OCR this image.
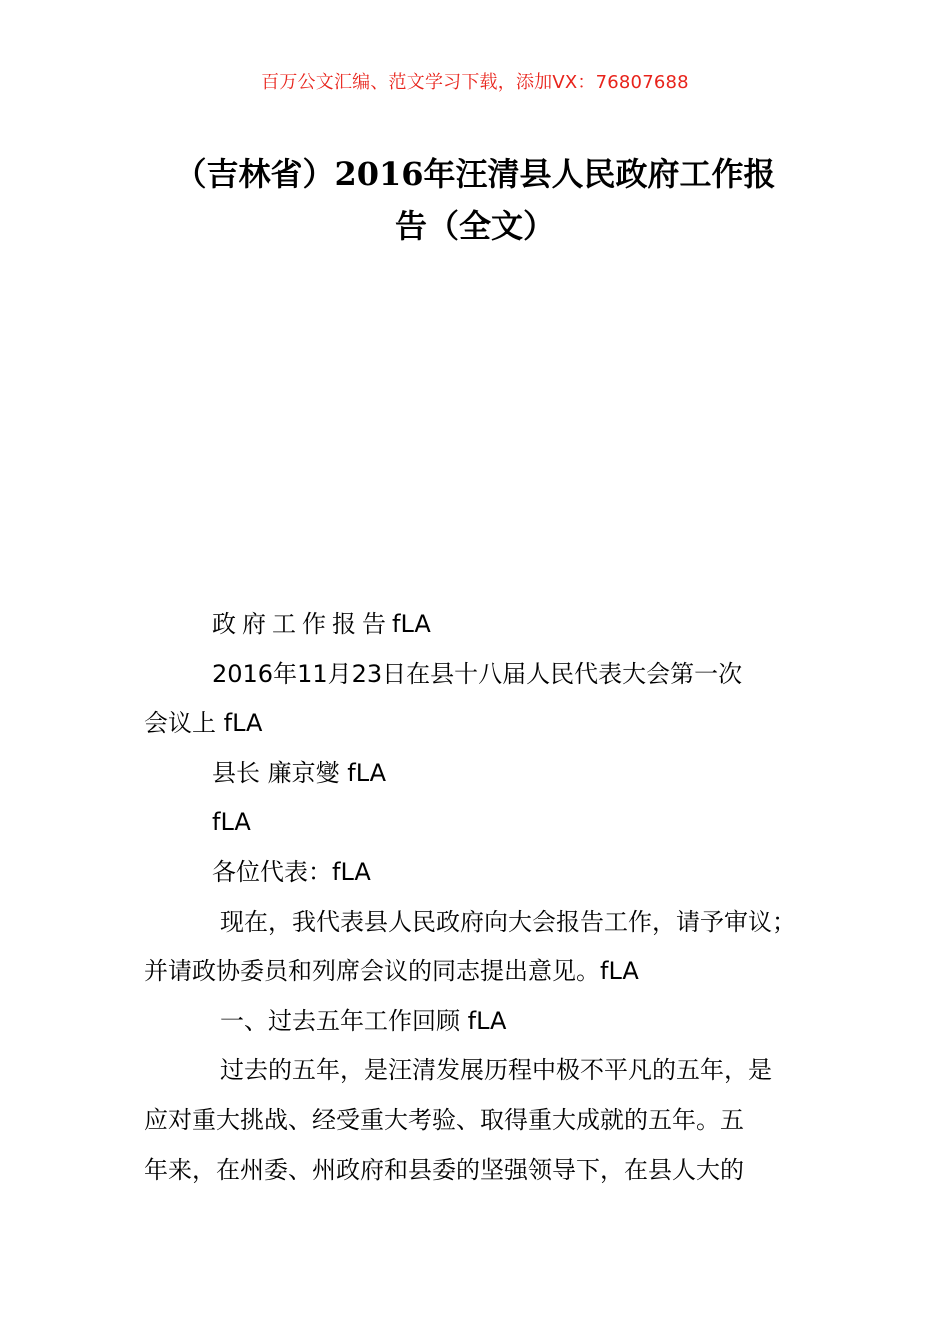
百万公文汇编、范文学习下载，添加VX：76807688
（吉林省）2016年汪清县人民政府工作报
告（全文）

政府工作报告fLA

2016年11月23日在县十八届人民代表大会第一次

会议上 fLA

县长 廉京燮 fLA

fLA

各位代表：fLA

现在，我代表县人民政府向大会报告工作，请予审议；

并请政协委员和列席会议的同志提出意见。fLA

一、过去五年工作回顾 fLA

过去的五年，是汪清发展历程中极不平凡的五年，是

应对重大挑战、经受重大考验、取得重大成就的五年。五

年来，在州委、州政府和县委的坚强领导下，在县人大的
